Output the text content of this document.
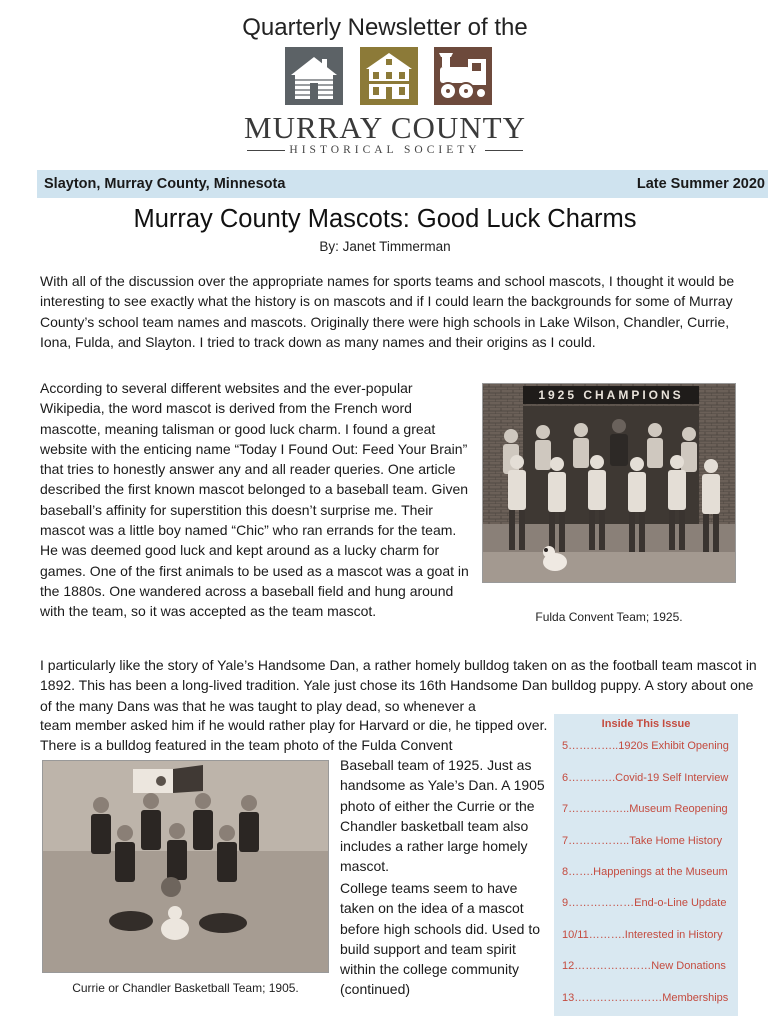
Quarterly Newsletter of the
MURRAY COUNTY
HISTORICAL SOCIETY
Slayton, Murray County, Minnesota	Late Summer 2020
Murray County Mascots: Good Luck Charms
By: Janet Timmerman

With all of the discussion over the appropriate names for sports teams and school mascots, I thought it would be interesting to see exactly what the history is on mascots and if I could learn the backgrounds for some of Murray County’s school team names and mascots. Originally there were high schools in Lake Wilson, Chandler, Currie, Iona, Fulda, and Slayton. I tried to track down as many names and their origins as I could.

According to several different websites and the ever-popular Wikipedia, the word mascot is derived from the French word mascotte, meaning talisman or good luck charm. I found a great website with the enticing name “Today I Found Out: Feed Your Brain” that tries to honestly answer any and all reader queries. One article described the first known mascot belonged to a baseball team. Given baseball’s affinity for superstition this doesn’t surprise me. Their mascot was a little boy named “Chic” who ran errands for the team. He was deemed good luck and kept around as a lucky charm for games. One of the first animals to be used as a mascot was a goat in the 1880s. One wandered across a baseball field and hung around with the team, so it was accepted as the team mascot.

1925 CHAMPIONS
Fulda Convent Team; 1925.

I particularly like the story of Yale’s Handsome Dan, a rather homely bulldog taken on as the football team mascot in 1892. This has been a long-lived tradition. Yale just chose its 16th Handsome Dan bulldog puppy. A story about one of the many Dans was that he was taught to play dead, so whenever a

team member asked him if he would rather play for Harvard or die, he tipped over. There is a bulldog featured in the team photo of the Fulda Convent

Baseball team of 1925. Just as handsome as Yale’s Dan. A 1905 photo of either the Currie or the Chandler basketball team also includes a rather large homely mascot.

College teams seem to have taken on the idea of a mascot before high schools did. Used to build support and team spirit within the college community (continued)

Currie or Chandler Basketball Team; 1905.
Inside This Issue
5…………..1920s Exhibit Opening
6………….Covid-19 Self Interview
7……………..Museum Reopening
7……………..Take Home History
8…….Happenings at the Museum
9………………End-o-Line Update
10/11……….Interested in History
12…………………New Donations
13……………………Memberships
